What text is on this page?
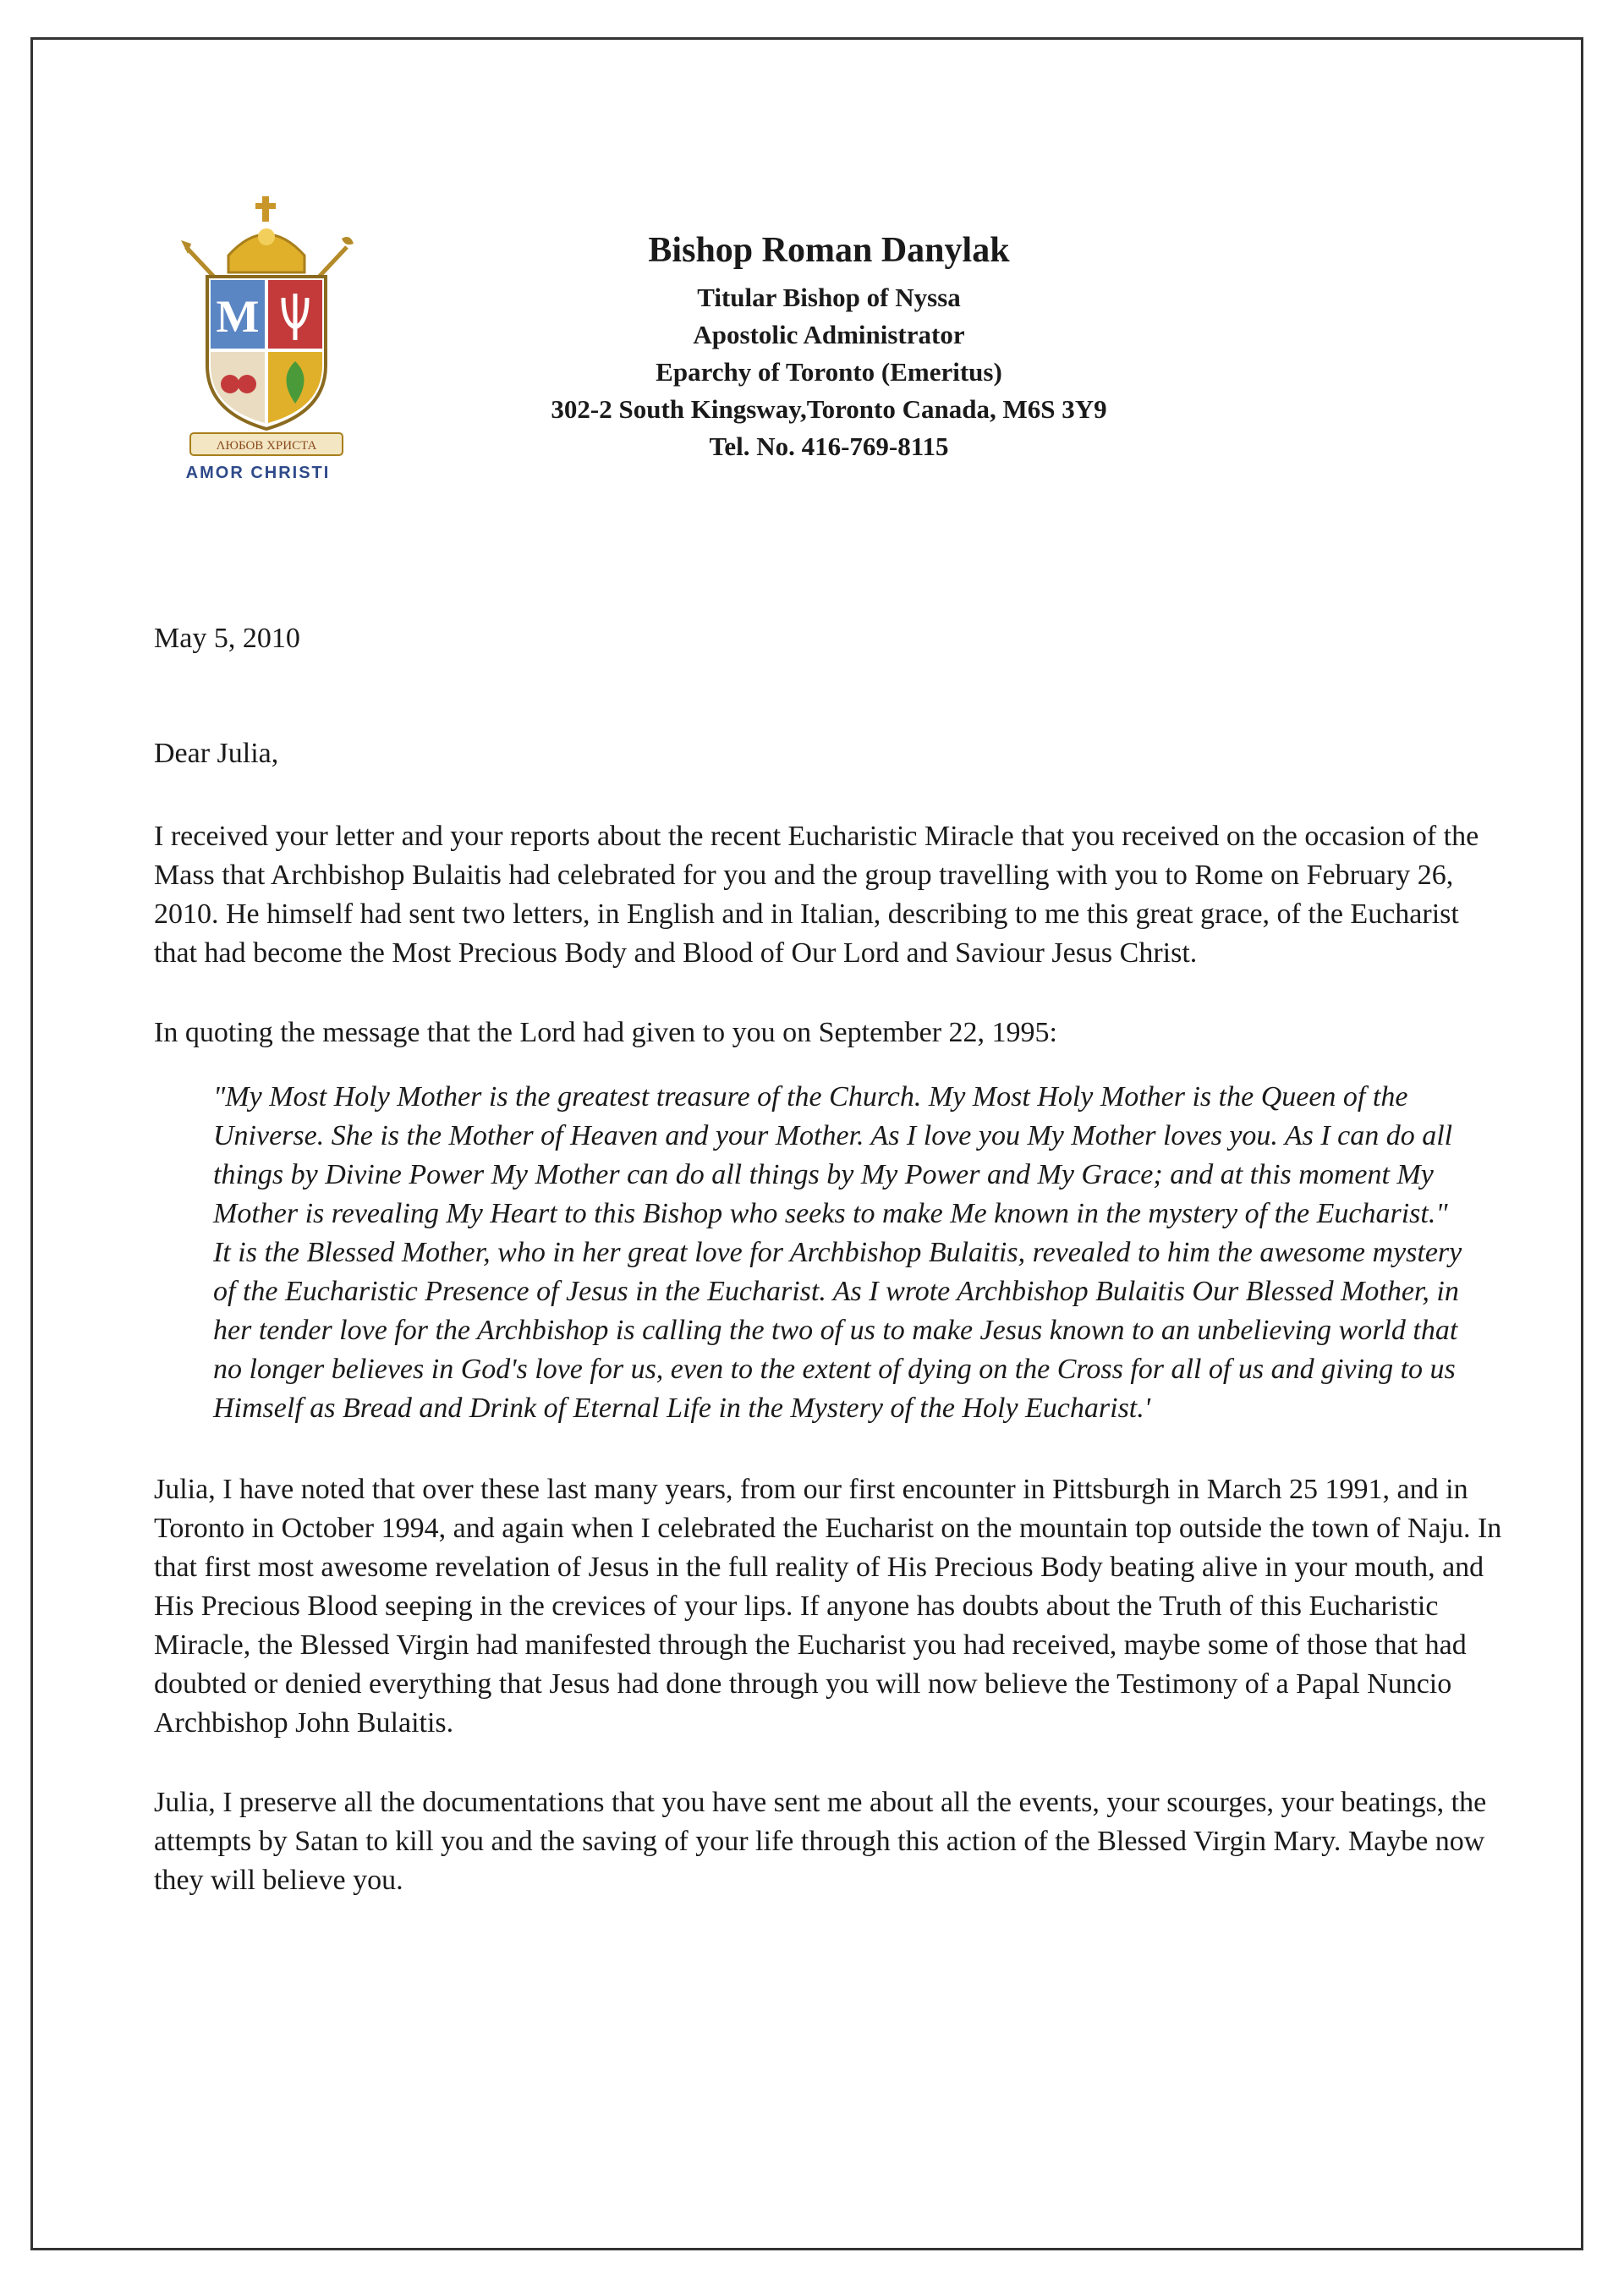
M
ΛЮБОВ ХРИСТА
AMOR CHRISTI
Bishop Roman Danylak
Titular Bishop of Nyssa
Apostolic Administrator
Eparchy of Toronto (Emeritus)
302-2 South Kingsway,Toronto Canada, M6S 3Y9
Tel. No. 416-769-8115

May 5, 2010

Dear Julia,

I received your letter and your reports about the recent Eucharistic Miracle that you received on the occasion of the Mass that Archbishop Bulaitis had celebrated for you and the group travelling with you to Rome on February 26, 2010. He himself had sent two letters, in English and in Italian, describing to me this great grace, of the Eucharist that had become the Most Precious Body and Blood of Our Lord and Saviour Jesus Christ.

In quoting the message that the Lord had given to you on September 22, 1995:

"My Most Holy Mother is the greatest treasure of the Church. My Most Holy Mother is the Queen of the Universe. She is the Mother of Heaven and your Mother. As I love you My Mother loves you. As I can do all things by Divine Power My Mother can do all things by My Power and My Grace; and at this moment My Mother is revealing My Heart to this Bishop who seeks to make Me known in the mystery of the Eucharist." It is the Blessed Mother, who in her great love for Archbishop Bulaitis, revealed to him the awesome mystery of the Eucharistic Presence of Jesus in the Eucharist. As I wrote Archbishop Bulaitis Our Blessed Mother, in her tender love for the Archbishop is calling the two of us to make Jesus known to an unbelieving world that no longer believes in God's love for us, even to the extent of dying on the Cross for all of us and giving to us Himself as Bread and Drink of Eternal Life in the Mystery of the Holy Eucharist.'

Julia, I have noted that over these last many years, from our first encounter in Pittsburgh in March 25 1991, and in Toronto in October 1994, and again when I celebrated the Eucharist on the mountain top outside the town of Naju. In that first most awesome revelation of Jesus in the full reality of His Precious Body beating alive in your mouth, and His Precious Blood seeping in the crevices of your lips. If anyone has doubts about the Truth of this Eucharistic Miracle, the Blessed Virgin had manifested through the Eucharist you had received, maybe some of those that had doubted or denied everything that Jesus had done through you will now believe the Testimony of a Papal Nuncio Archbishop John Bulaitis.

Julia, I preserve all the documentations that you have sent me about all the events, your scourges, your beatings, the attempts by Satan to kill you and the saving of your life through this action of the Blessed Virgin Mary. Maybe now they will believe you.
